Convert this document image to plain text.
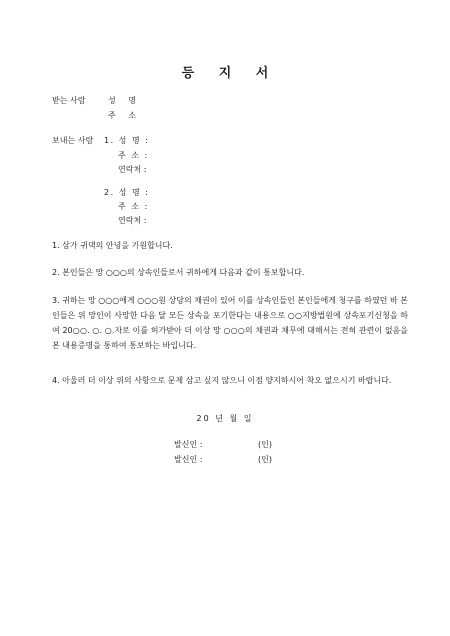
등 지 서
받는 사람	성 명
주 소
보내는 사람 1. 성 명 :
주 소 :
연락처 :
2. 성 명 :
주 소 :
연락처 :
1. 삼가 귀댁의 안녕을 기원합니다.
2. 본인들은 망 ○○○의 상속인들로서 귀하에게 다음과 같이 통보합니다.
3. 귀하는 망 ○○○에게 ○○○원 상당의 채권이 있어 이를 상속인들인 본인들에게 청구를 하였던 바 본인들은 위 망인이 사망한 다음 달 모든 상속을 포기한다는 내용으로 ○○지방법원에 상속포기신청을 하여 20○○. ○. ○.자로 이를 허가받아 더 이상 망 ○○○의 채권과 채무에 대해서는 전혀 관련이 없음을 본 내용증명을 통하여 통보하는 바입니다.
4. 아울러 더 이상 위의 사항으로 문제 삼고 싶지 않으니 이점 양지하시어 착오 없으시기 바랍니다.
20 년 월 일
발신인 :	(인)
발신인 :	(인)
